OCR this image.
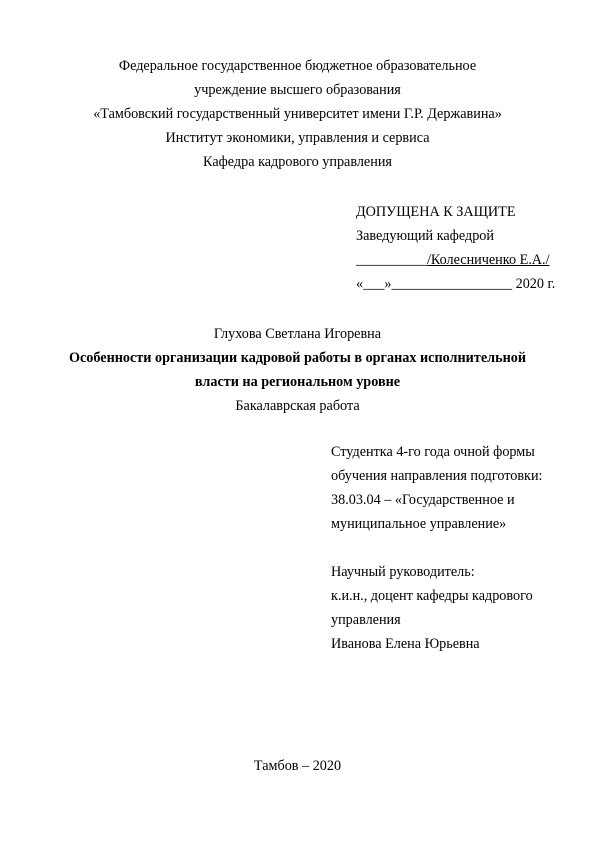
Федеральное государственное бюджетное образовательное
учреждение высшего образования
«Тамбовский государственный университет имени Г.Р. Державина»
Институт экономики, управления и сервиса
Кафедра кадрового управления
ДОПУЩЕНА К ЗАЩИТЕ
Заведующий кафедрой
__________/Колесниченко Е.А./
«___»_________________ 2020 г.
Глухова Светлана Игоревна
Особенности организации кадровой работы в органах исполнительной
власти на региональном уровне
Бакалаврская работа
Студентка 4-го года очной формы
обучения направления подготовки:
38.03.04 – «Государственное и
муниципальное управление»
Научный руководитель:
к.и.н., доцент кафедры кадрового
управления
Иванова Елена Юрьевна
Тамбов – 2020
